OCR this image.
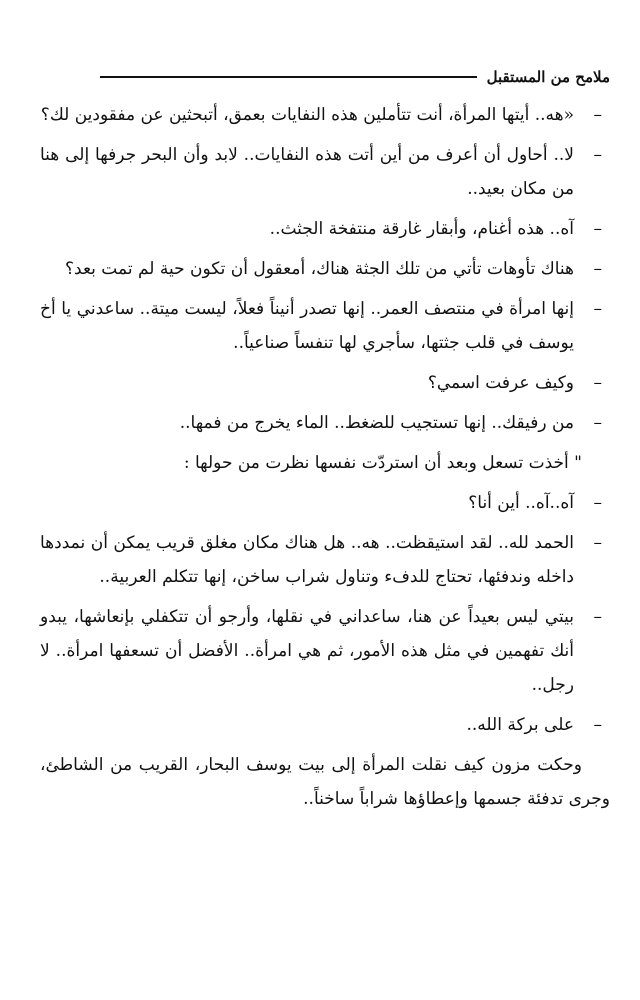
ملامح من المستقبل
–
«هه.. أيتها المرأة، أنت تتأملين هذه النفايات بعمق، أتبحثين عن مفقودين لك؟
–
لا.. أحاول أن أعرف من أين أتت هذه النفايات.. لابد وأن البحر جرفها إلى هنا من مكان بعيد..
–
آه.. هذه أغنام، وأبقار غارقة منتفخة الجثث..
–
هناك تأوهات تأتي من تلك الجثة هناك، أمعقول أن تكون حية لم تمت بعد؟
–
إنها امرأة في منتصف العمر.. إنها تصدر أنيناً فعلاً، ليست ميتة.. ساعدني يا أخ يوسف في قلب جثتها، سأجري لها تنفساً صناعياً..
–
وكيف عرفت اسمي؟
–
من رفيقك.. إنها تستجيب للضغط.. الماء يخرج من فمها..
" أخذت تسعل وبعد أن استردّت نفسها نظرت من حولها :
–
آه..آه.. أين أنا؟
–
الحمد لله.. لقد استيقظت.. هه.. هل هناك مكان مغلق قريب يمكن أن نمددها داخله وندفئها، تحتاج للدفء وتناول شراب ساخن، إنها تتكلم العربية..
–
بيتي ليس بعيداً عن هنا، ساعداني في نقلها، وأرجو أن تتكفلي بإنعاشها، يبدو أنك تفهمين في مثل هذه الأمور، ثم هي امرأة.. الأفضل أن تسعفها امرأة.. لا رجل..
–
على بركة الله..
وحكت مزون كيف نقلت المرأة إلى بيت يوسف البحار، القريب من الشاطئ، وجرى تدفئة جسمها وإعطاؤها شراباً ساخناً..
